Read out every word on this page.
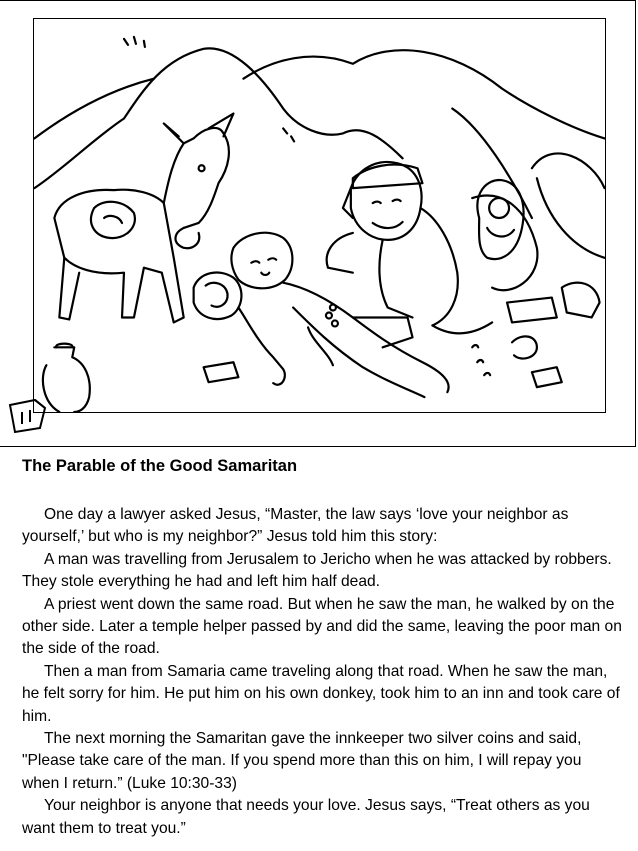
The Parable of the Good Samaritan

One day a lawyer asked Jesus, “Master, the law says ‘love your neighbor as yourself,’ but who is my neighbor?” Jesus told him this story:

A man was travelling from Jerusalem to Jericho when he was attacked by robbers. They stole everything he had and left him half dead.

A priest went down the same road. But when he saw the man, he walked by on the other side. Later a temple helper passed by and did the same, leaving the poor man on the side of the road.

Then a man from Samaria came traveling along that road. When he saw the man, he felt sorry for him. He put him on his own donkey, took him to an inn and took care of him.

The next morning the Samaritan gave the innkeeper two silver coins and said, "Please take care of the man. If you spend more than this on him, I will repay you when I return.” (Luke 10:30-33)

Your neighbor is anyone that needs your love. Jesus says, “Treat others as you want them to treat you.”
